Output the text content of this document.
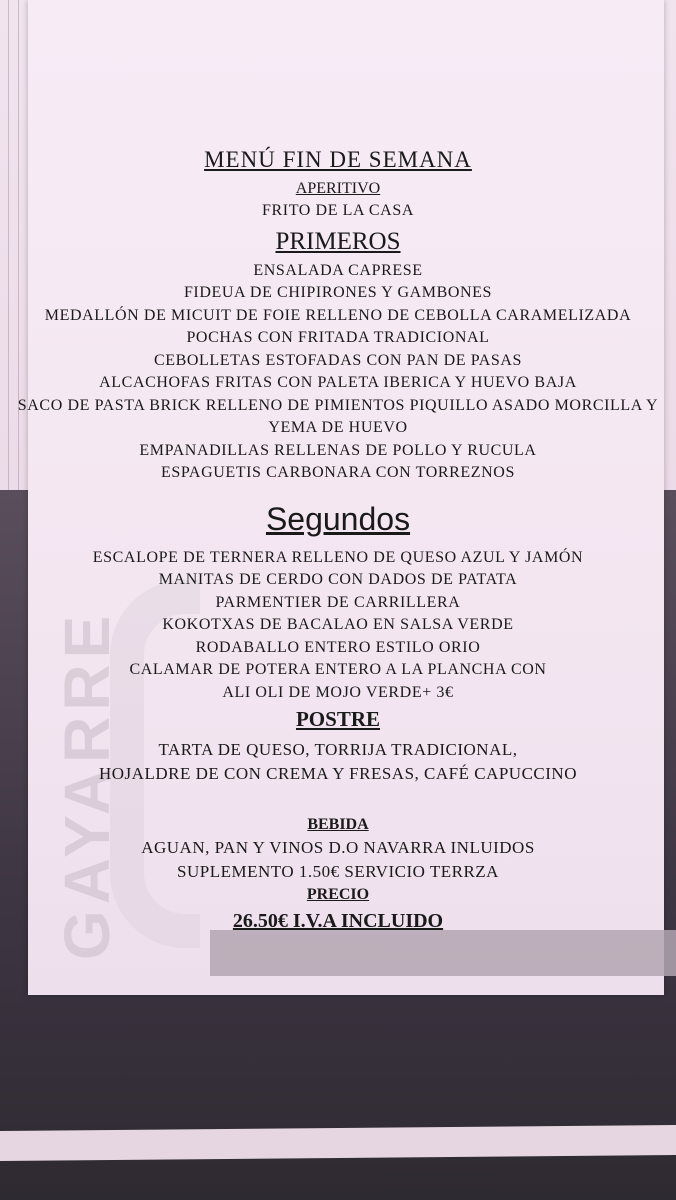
GAYARRE
MENÚ FIN DE SEMANA
APERITIVO
FRITO DE LA CASA
PRIMEROS
ENSALADA CAPRESE
FIDEUA DE CHIPIRONES Y GAMBONES
MEDALLÓN DE MICUIT DE FOIE RELLENO DE CEBOLLA CARAMELIZADA
POCHAS CON FRITADA TRADICIONAL
CEBOLLETAS ESTOFADAS CON PAN DE PASAS
ALCACHOFAS FRITAS CON PALETA IBERICA Y HUEVO BAJA
SACO DE PASTA BRICK RELLENO DE PIMIENTOS PIQUILLO ASADO MORCILLA Y
YEMA DE HUEVO
EMPANADILLAS RELLENAS DE POLLO Y RUCULA
ESPAGUETIS CARBONARA CON TORREZNOS
Segundos
ESCALOPE DE TERNERA RELLENO DE QUESO AZUL Y JAMÓN
MANITAS DE CERDO CON DADOS DE PATATA
PARMENTIER DE CARRILLERA
KOKOTXAS DE BACALAO EN SALSA VERDE
RODABALLO ENTERO ESTILO ORIO
CALAMAR DE POTERA ENTERO A LA PLANCHA CON
ALI OLI DE MOJO VERDE+ 3€
POSTRE
TARTA DE QUESO, TORRIJA TRADICIONAL,
HOJALDRE DE CON CREMA Y FRESAS, CAFÉ CAPUCCINO
BEBIDA
AGUAN, PAN Y VINOS D.O NAVARRA INLUIDOS
SUPLEMENTO 1.50€ SERVICIO TERRZA
PRECIO
26.50€ I.V.A INCLUIDO
